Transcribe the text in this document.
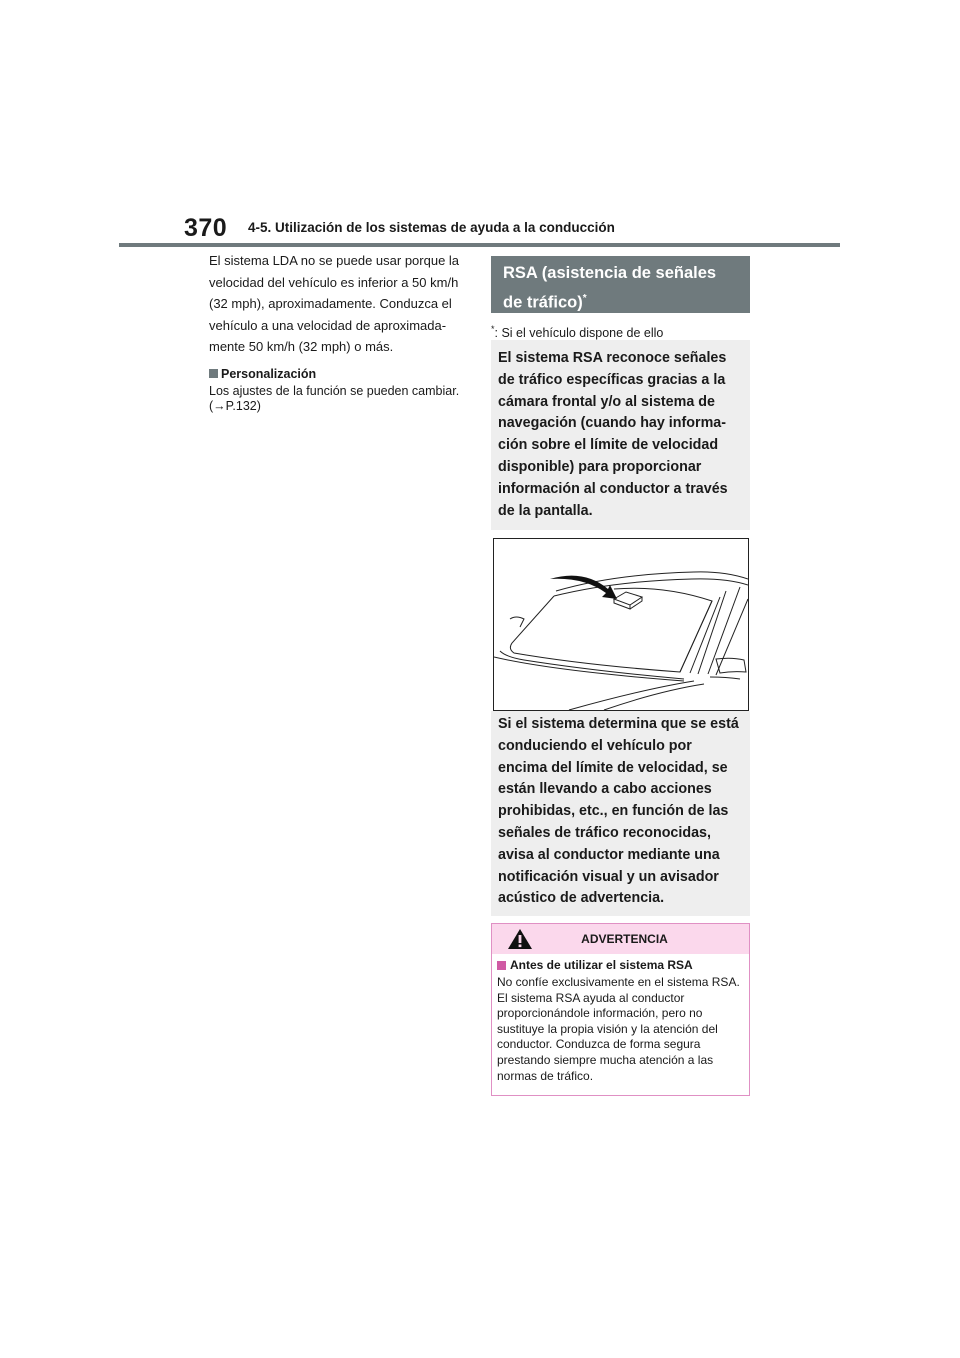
370 4-5. Utilización de los sistemas de ayuda a la conducción

El sistema LDA no se puede usar porque la velocidad del vehículo es inferior a 50 km/h (32 mph), aproximadamente. Conduzca el vehículo a una velocidad de aproximada- mente 50 km/h (32 mph) o más.

Personalización

Los ajustes de la función se pueden cambiar. (→P.132)

RSA (asistencia de señales
de tráfico)*
*: Si el vehículo dispone de ello

El sistema RSA reconoce señales de tráfico específicas gracias a la cámara frontal y/o al sistema de navegación (cuando hay informa- ción sobre el límite de velocidad disponible) para proporcionar información al conductor a través de la pantalla.

Si el sistema determina que se está conduciendo el vehículo por encima del límite de velocidad, se están llevando a cabo acciones prohibidas, etc., en función de las señales de tráfico reconocidas, avisa al conductor mediante una notificación visual y un avisador acústico de advertencia.

ADVERTENCIA
Antes de utilizar el sistema RSA

No confíe exclusivamente en el sistema RSA. El sistema RSA ayuda al conductor proporcionándole información, pero no sustituye la propia visión y la atención del conductor. Conduzca de forma segura prestando siempre mucha atención a las normas de tráfico.
